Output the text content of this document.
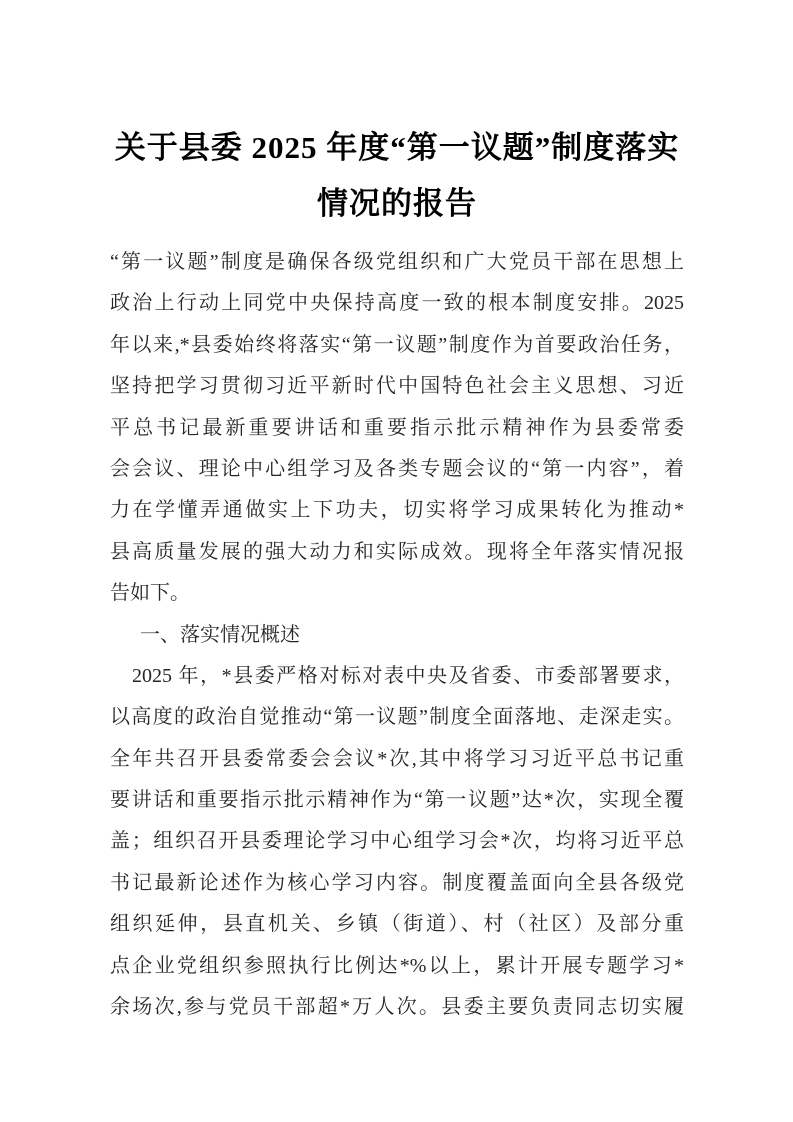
关于县委 2025 年度“第一议题”制度落实
情况的报告
“第一议题”制度是确保各级党组织和广大党员干部在思想上
政治上行动上同党中央保持高度一致的根本制度安排。2025
年以来,*县委始终将落实“第一议题”制度作为首要政治任务，
坚持把学习贯彻习近平新时代中国特色社会主义思想、习近
平总书记最新重要讲话和重要指示批示精神作为县委常委
会会议、理论中心组学习及各类专题会议的“第一内容”，着
力在学懂弄通做实上下功夫，切实将学习成果转化为推动*
县高质量发展的强大动力和实际成效。现将全年落实情况报
告如下。
一、落实情况概述
2025 年，*县委严格对标对表中央及省委、市委部署要求，
以高度的政治自觉推动“第一议题”制度全面落地、走深走实。
全年共召开县委常委会会议*次,其中将学习习近平总书记重
要讲话和重要指示批示精神作为“第一议题”达*次，实现全覆
盖；组织召开县委理论学习中心组学习会*次，均将习近平总
书记最新论述作为核心学习内容。制度覆盖面向全县各级党
组织延伸，县直机关、乡镇（街道）、村（社区）及部分重
点企业党组织参照执行比例达*%以上，累计开展专题学习*
余场次,参与党员干部超*万人次。县委主要负责同志切实履
